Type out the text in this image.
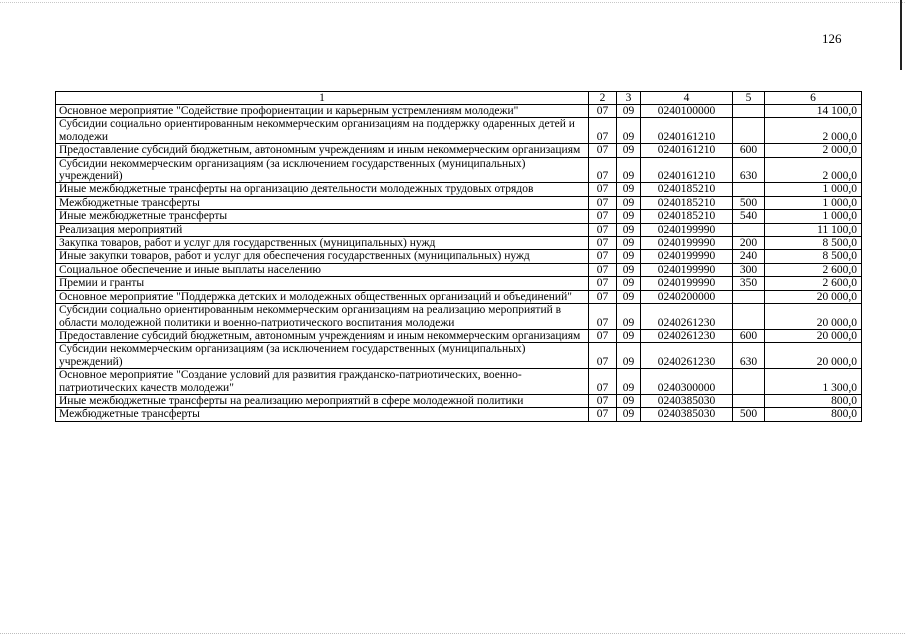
126
1	2	3	4	5	6
Основное мероприятие "Содействие профориентации и карьерным устремлениям молодежи"	07	09	0240100000		14 100,0
Субсидии социально ориентированным некоммерческим организациям на поддержку одаренных детей и молодежи	07	09	0240161210		2 000,0
Предоставление субсидий бюджетным, автономным учреждениям и иным некоммерческим организациям	07	09	0240161210	600	2 000,0
Субсидии некоммерческим организациям (за исключением государственных (муниципальных) учреждений)	07	09	0240161210	630	2 000,0
Иные межбюджетные трансферты на организацию деятельности молодежных трудовых отрядов	07	09	0240185210		1 000,0
Межбюджетные трансферты	07	09	0240185210	500	1 000,0
Иные межбюджетные трансферты	07	09	0240185210	540	1 000,0
Реализация мероприятий	07	09	0240199990		11 100,0
Закупка товаров, работ и услуг для государственных (муниципальных) нужд	07	09	0240199990	200	8 500,0
Иные закупки товаров, работ и услуг для обеспечения государственных (муниципальных) нужд	07	09	0240199990	240	8 500,0
Социальное обеспечение и иные выплаты населению	07	09	0240199990	300	2 600,0
Премии и гранты	07	09	0240199990	350	2 600,0
Основное мероприятие "Поддержка детских и молодежных общественных организаций и объединений"	07	09	0240200000		20 000,0
Субсидии социально ориентированным некоммерческим организациям на реализацию мероприятий в области молодежной политики и военно-патриотического воспитания молодежи	07	09	0240261230		20 000,0
Предоставление субсидий бюджетным, автономным учреждениям и иным некоммерческим организациям	07	09	0240261230	600	20 000,0
Субсидии некоммерческим организациям (за исключением государственных (муниципальных) учреждений)	07	09	0240261230	630	20 000,0
Основное мероприятие "Создание условий для развития гражданско-патриотических, военно-патриотических качеств молодежи"	07	09	0240300000		1 300,0
Иные межбюджетные трансферты на реализацию мероприятий в сфере молодежной политики	07	09	0240385030		800,0
Межбюджетные трансферты	07	09	0240385030	500	800,0
